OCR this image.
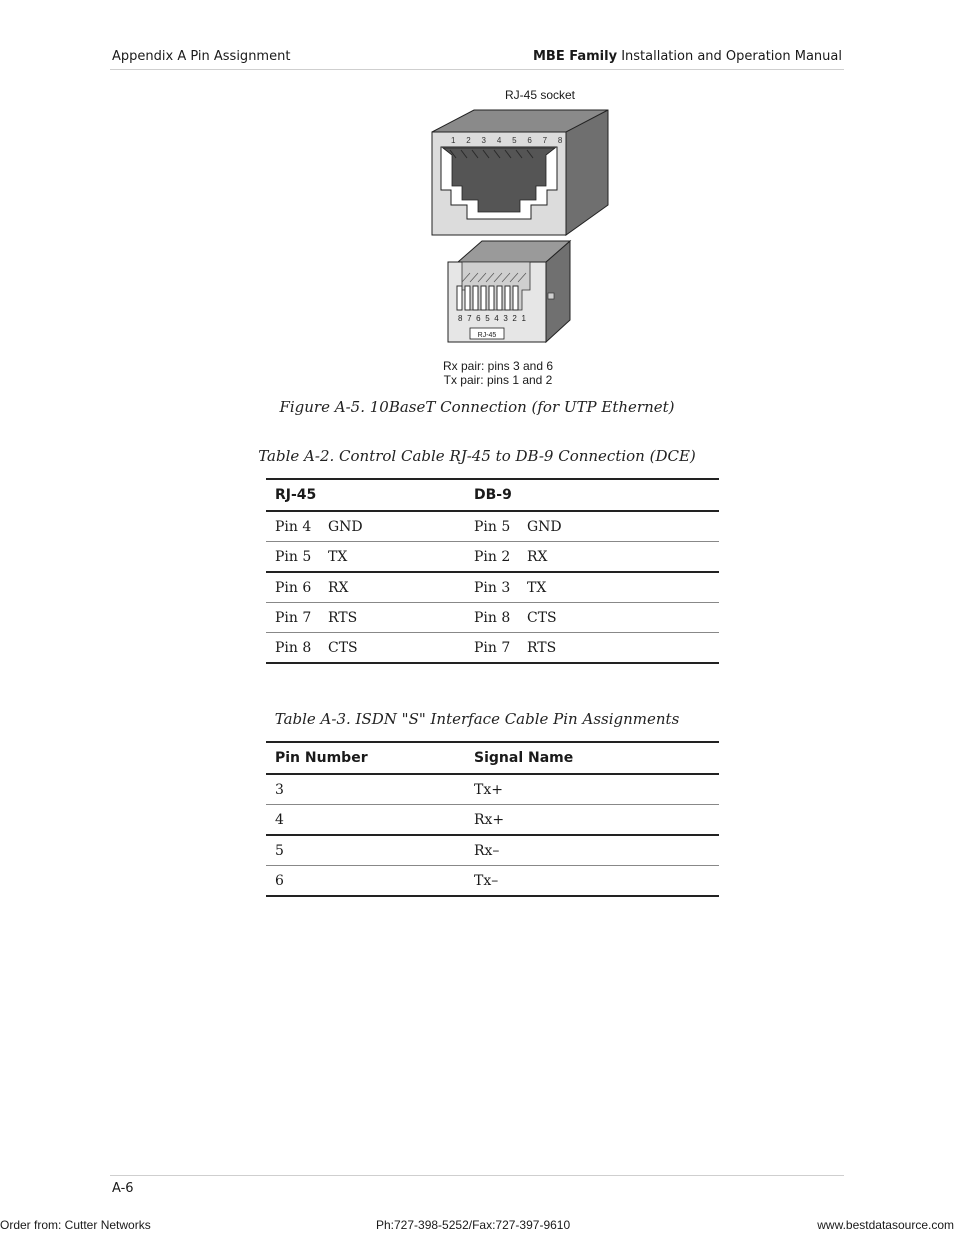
Appendix A Pin Assignment	MBE Family Installation and Operation Manual
1 2 3 4 5 6 7 8
8 7 6 5 4 3 2 1
RJ-45
RJ-45 socket
Rx pair: pins 3 and 6
Tx pair: pins 1 and 2
Figure A-5. 10BaseT Connection (for UTP Ethernet)
Table A-2. Control Cable RJ-45 to DB-9 Connection (DCE)
RJ-45	DB-9
Pin 4 GND	Pin 5 GND
Pin 5 TX	Pin 2 RX
Pin 6 RX	Pin 3 TX
Pin 7 RTS	Pin 8 CTS
Pin 8 CTS	Pin 7 RTS
Table A-3. ISDN "S" Interface Cable Pin Assignments
Pin Number	Signal Name
3	Tx+
4	Rx+
5	Rx–
6	Tx–
A-6
Order from: Cutter Networks	Ph:727-398-5252/Fax:727-397-9610	www.bestdatasource.com
